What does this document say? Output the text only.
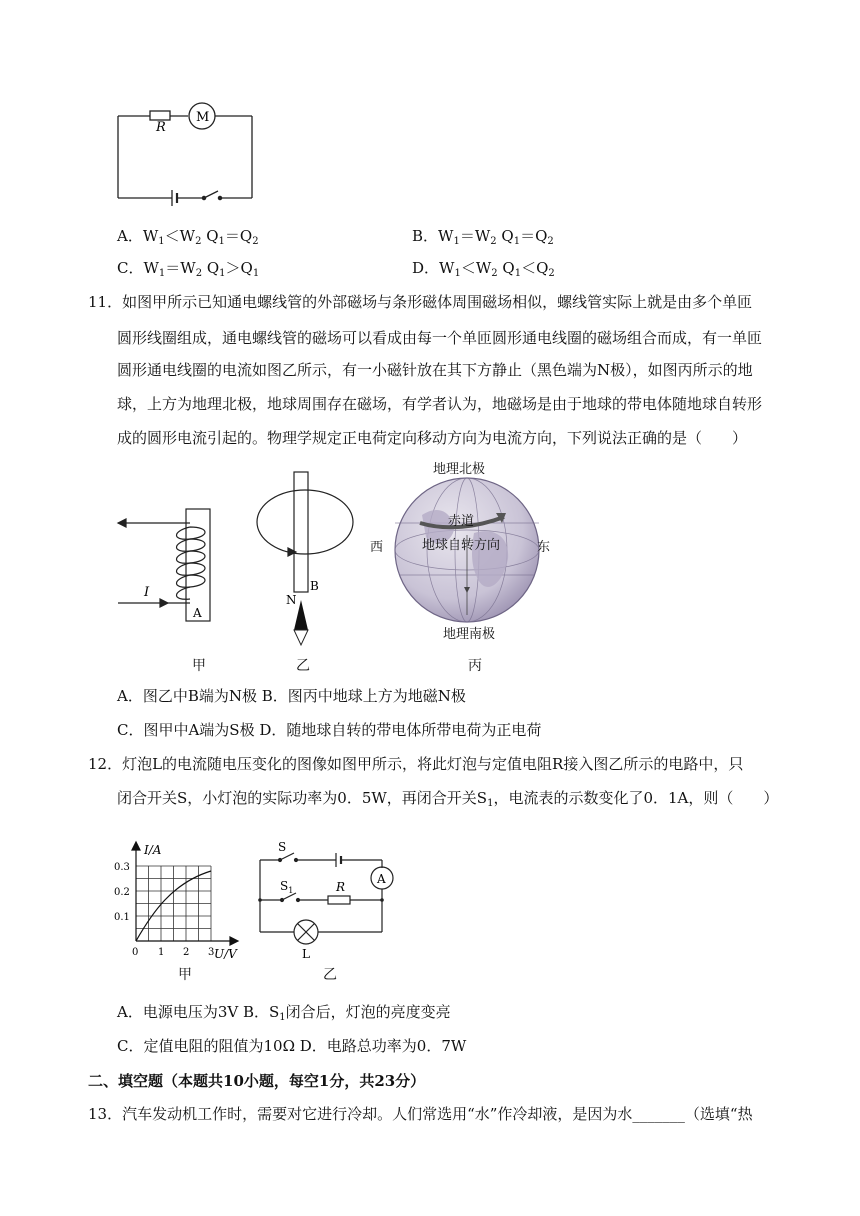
R
M
A．$W_1<W_2$ $Q_1=Q_2$	B．$W_1=W_2$ $Q_1=Q_2$
C．$W_1=W_2$ $Q_1>Q_1$	D．$W_1<W_2$ $Q_1<Q_2$
11．如图甲所示已知通电螺线管的外部磁场与条形磁体周围磁场相似，螺线管实际上就是由多个单匝
圆形线圈组成，通电螺线管的磁场可以看成由每一个单匝圆形通电线圈的磁场组合而成，有一单匝
圆形通电线圈的电流如图乙所示，有一小磁针放在其下方静止（黑色端为N极），如图丙所示的地
球，上方为地理北极，地球周围存在磁场，有学者认为，地磁场是由于地球的带电体随地球自转形
成的圆形电流引起的。物理学规定正电荷定向移动方向为电流方向，下列说法正确的是（　　）
I
A
甲
N
B
乙
地理北极
赤道
地球自转方向
西	东
地理南极
丙
A．图乙中B端为N极 B．图丙中地球上方为地磁N极
C．图甲中A端为S极 D．随地球自转的带电体所带电荷为正电荷
12．灯泡L的电流随电压变化的图像如图甲所示，将此灯泡与定值电阻R接入图乙所示的电路中，只
闭合开关S，小灯泡的实际功率为0．5W，再闭合开关$S_1$，电流表的示数变化了0．1A，则（　　）
I/A
0.3
0.2
0.1
0 1 2 3 U/V
甲
S
$S_1$	R
A
L
乙
A．电源电压为3V B．$S_1$闭合后，灯泡的亮度变亮
C．定值电阻的阻值为10Ω D．电路总功率为0．7W
二、填空题（本题共10小题，每空1分，共23分）
13．汽车发动机工作时，需要对它进行冷却。人们常选用“水”作冷却液，是因为水_______（选填“热
